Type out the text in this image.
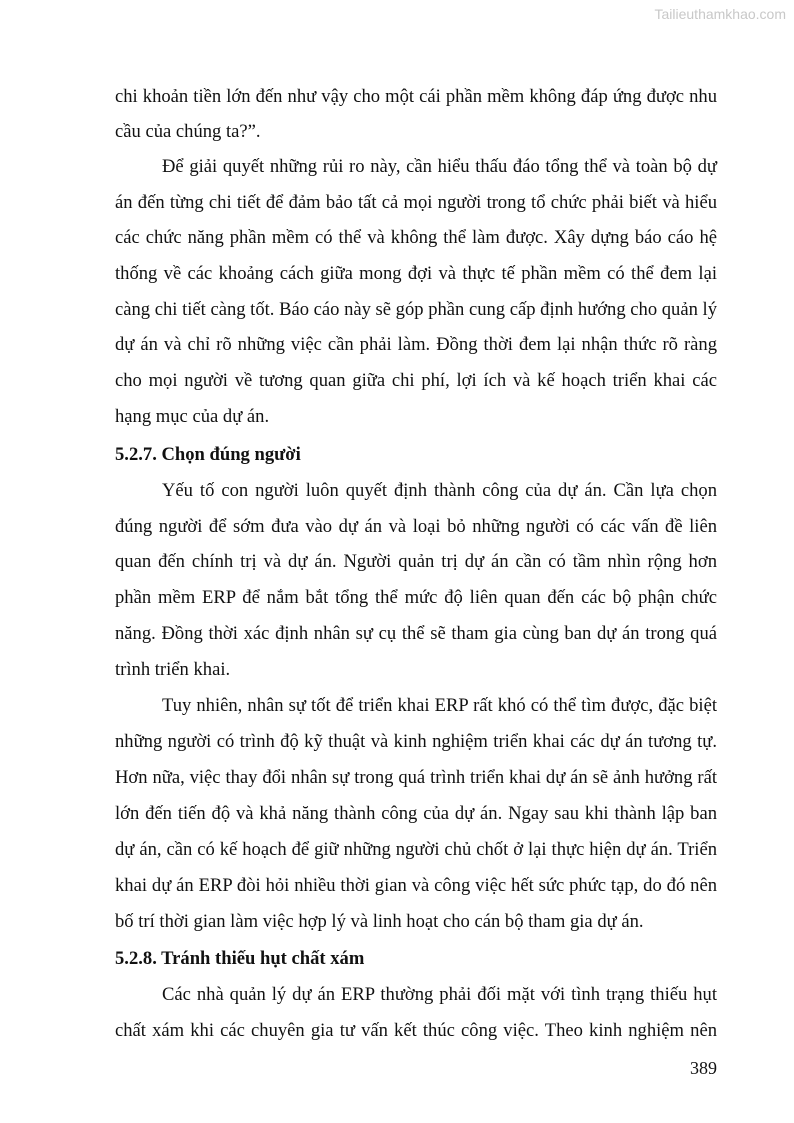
Tailieuthamkhao.com
chi khoản tiền lớn đến như vậy cho một cái phần mềm không đáp ứng được nhu
cầu của chúng ta?”.
Để giải quyết những rủi ro này, cần hiểu thấu đáo tổng thể và toàn bộ dự
án đến từng chi tiết để đảm bảo tất cả mọi người trong tổ chức phải biết và hiểu
các chức năng phần mềm có thể và không thể làm được. Xây dựng báo cáo hệ
thống về các khoảng cách giữa mong đợi và thực tế phần mềm có thể đem lại
càng chi tiết càng tốt. Báo cáo này sẽ góp phần cung cấp định hướng cho quản lý
dự án và chỉ rõ những việc cần phải làm. Đồng thời đem lại nhận thức rõ ràng
cho mọi người về tương quan giữa chi phí, lợi ích và kế hoạch triển khai các
hạng mục của dự án.
5.2.7. Chọn đúng người
Yếu tố con người luôn quyết định thành công của dự án. Cần lựa chọn
đúng người để sớm đưa vào dự án và loại bỏ những người có các vấn đề liên
quan đến chính trị và dự án. Người quản trị dự án cần có tầm nhìn rộng hơn
phần mềm ERP để nắm bắt tổng thể mức độ liên quan đến các bộ phận chức
năng. Đồng thời xác định nhân sự cụ thể sẽ tham gia cùng ban dự án trong quá
trình triển khai.
Tuy nhiên, nhân sự tốt để triển khai ERP rất khó có thể tìm được, đặc biệt
những người có trình độ kỹ thuật và kinh nghiệm triển khai các dự án tương tự.
Hơn nữa, việc thay đổi nhân sự trong quá trình triển khai dự án sẽ ảnh hưởng rất
lớn đến tiến độ và khả năng thành công của dự án. Ngay sau khi thành lập ban
dự án, cần có kế hoạch để giữ những người chủ chốt ở lại thực hiện dự án. Triển
khai dự án ERP đòi hỏi nhiều thời gian và công việc hết sức phức tạp, do đó nên
bố trí thời gian làm việc hợp lý và linh hoạt cho cán bộ tham gia dự án.
5.2.8. Tránh thiếu hụt chất xám
Các nhà quản lý dự án ERP thường phải đối mặt với tình trạng thiếu hụt
chất xám khi các chuyên gia tư vấn kết thúc công việc. Theo kinh nghiệm nên
389
